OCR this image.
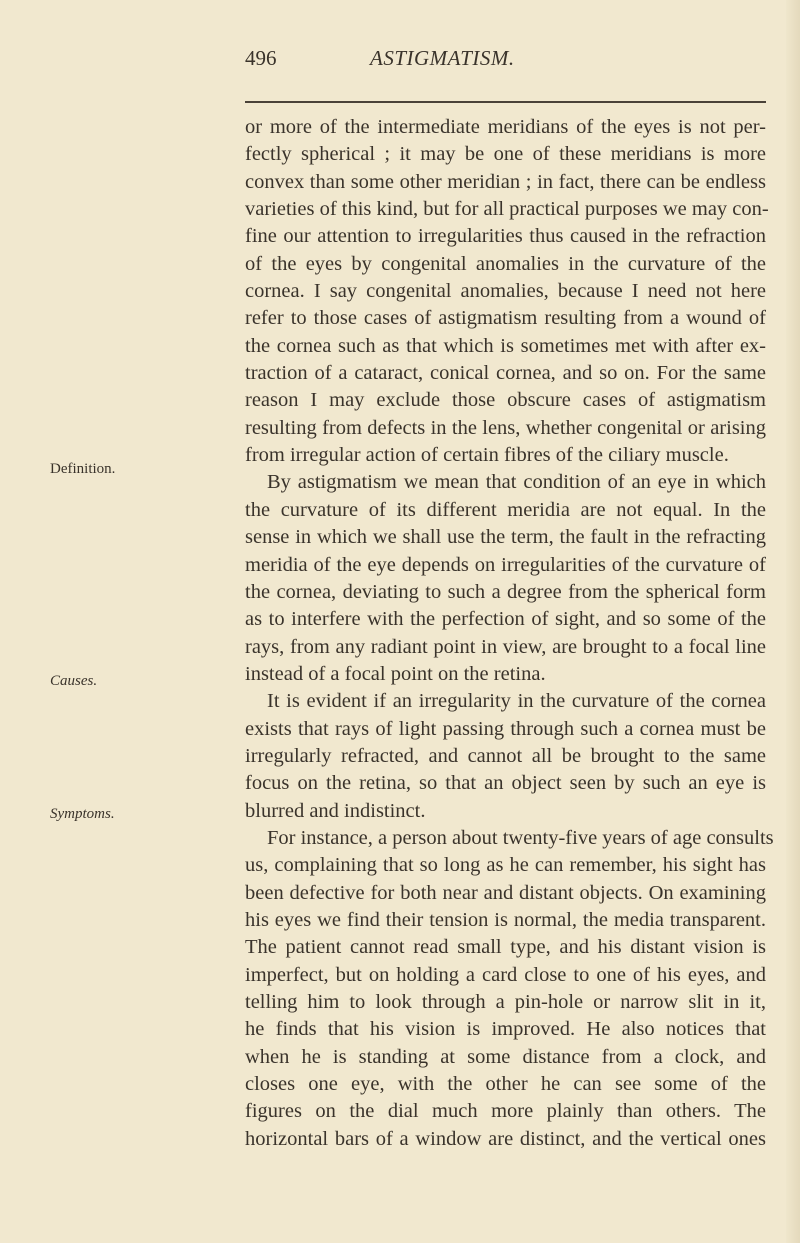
496	ASTIGMATISM.
Definition.
Causes.
Symptoms.
or more of the intermediate meridians of the eyes is not per-
fectly spherical ; it may be one of these meridians is more
convex than some other meridian ; in fact, there can be endless
varieties of this kind, but for all practical purposes we may con-
fine our attention to irregularities thus caused in the refraction
of the eyes by congenital anomalies in the curvature of the
cornea. I say congenital anomalies, because I need not here
refer to those cases of astigmatism resulting from a wound of
the cornea such as that which is sometimes met with after ex-
traction of a cataract, conical cornea, and so on. For the same
reason I may exclude those obscure cases of astigmatism
resulting from defects in the lens, whether congenital or arising
from irregular action of certain fibres of the ciliary muscle.
By astigmatism we mean that condition of an eye in which
the curvature of its different meridia are not equal. In the
sense in which we shall use the term, the fault in the refracting
meridia of the eye depends on irregularities of the curvature of
the cornea, deviating to such a degree from the spherical form
as to interfere with the perfection of sight, and so some of the
rays, from any radiant point in view, are brought to a focal line
instead of a focal point on the retina.
It is evident if an irregularity in the curvature of the cornea
exists that rays of light passing through such a cornea must be
irregularly refracted, and cannot all be brought to the same
focus on the retina, so that an object seen by such an eye is
blurred and indistinct.
For instance, a person about twenty-five years of age consults
us, complaining that so long as he can remember, his sight has
been defective for both near and distant objects. On examining
his eyes we find their tension is normal, the media transparent.
The patient cannot read small type, and his distant vision is
imperfect, but on holding a card close to one of his eyes, and
telling him to look through a pin-hole or narrow slit in it,
he finds that his vision is improved. He also notices that
when he is standing at some distance from a clock, and
closes one eye, with the other he can see some of the
figures on the dial much more plainly than others. The
horizontal bars of a window are distinct, and the vertical ones
